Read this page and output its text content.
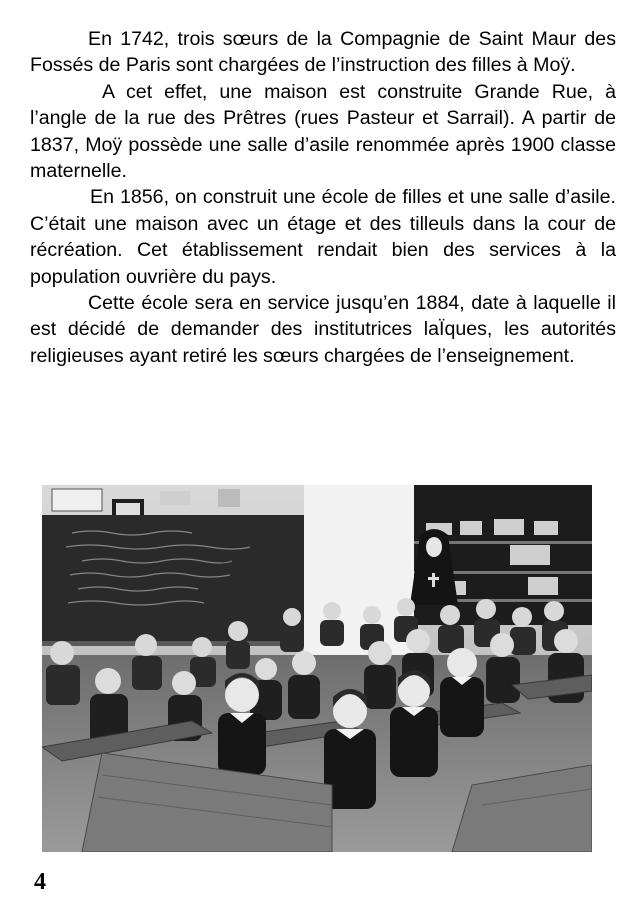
En 1742, trois sœurs de la Compagnie de Saint Maur des Fossés de Paris sont chargées de l’instruction des filles à Moÿ.

A cet effet, une maison est construite Grande Rue, à l’angle de la rue des Prêtres (rues Pasteur et Sarrail). A partir de 1837, Moÿ possède une salle d’asile renommée après 1900 classe maternelle.

En 1856, on construit une école de filles et une salle d’asile. C’était une maison avec un étage et des tilleuls dans la cour de récréation. Cet établissement rendait bien des services à la population ouvrière du pays.

Cette école sera en service jusqu’en 1884, date à laquelle il est décidé de demander des institutrices laÏques, les autorités religieuses ayant retiré les sœurs chargées de l’enseignement.

4
